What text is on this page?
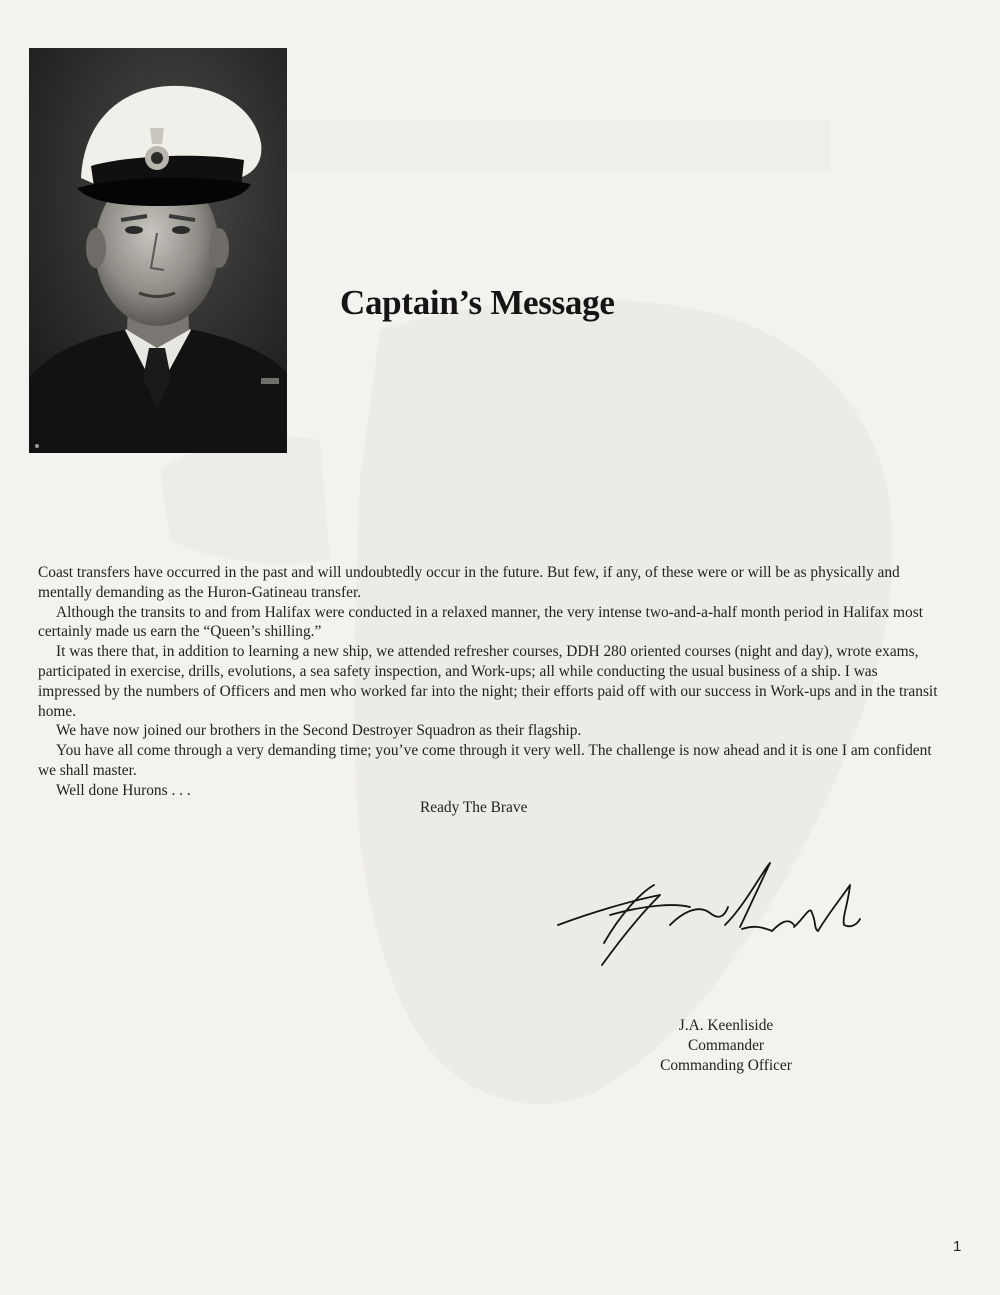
Captain’s Message

Coast transfers have occurred in the past and will undoubtedly occur in the future. But few, if any, of these were or will be as physically and mentally demanding as the Huron-Gatineau transfer.

Although the transits to and from Halifax were conducted in a relaxed manner, the very intense two-and-a-half month period in Halifax most certainly made us earn the “Queen’s shilling.”

It was there that, in addition to learning a new ship, we attended refresher courses, DDH 280 oriented courses (night and day), wrote exams, participated in exercise, drills, evolutions, a sea safety inspection, and Work-ups; all while conducting the usual business of a ship. I was impressed by the numbers of Officers and men who worked far into the night; their efforts paid off with our success in Work-ups and in the transit home.

We have now joined our brothers in the Second Destroyer Squadron as their flagship.

You have all come through a very demanding time; you’ve come through it very well. The challenge is now ahead and it is one I am confident we shall master.

Well done Hurons . . .

Ready The Brave

J.A. Keenliside
Commander
Commanding Officer

1
